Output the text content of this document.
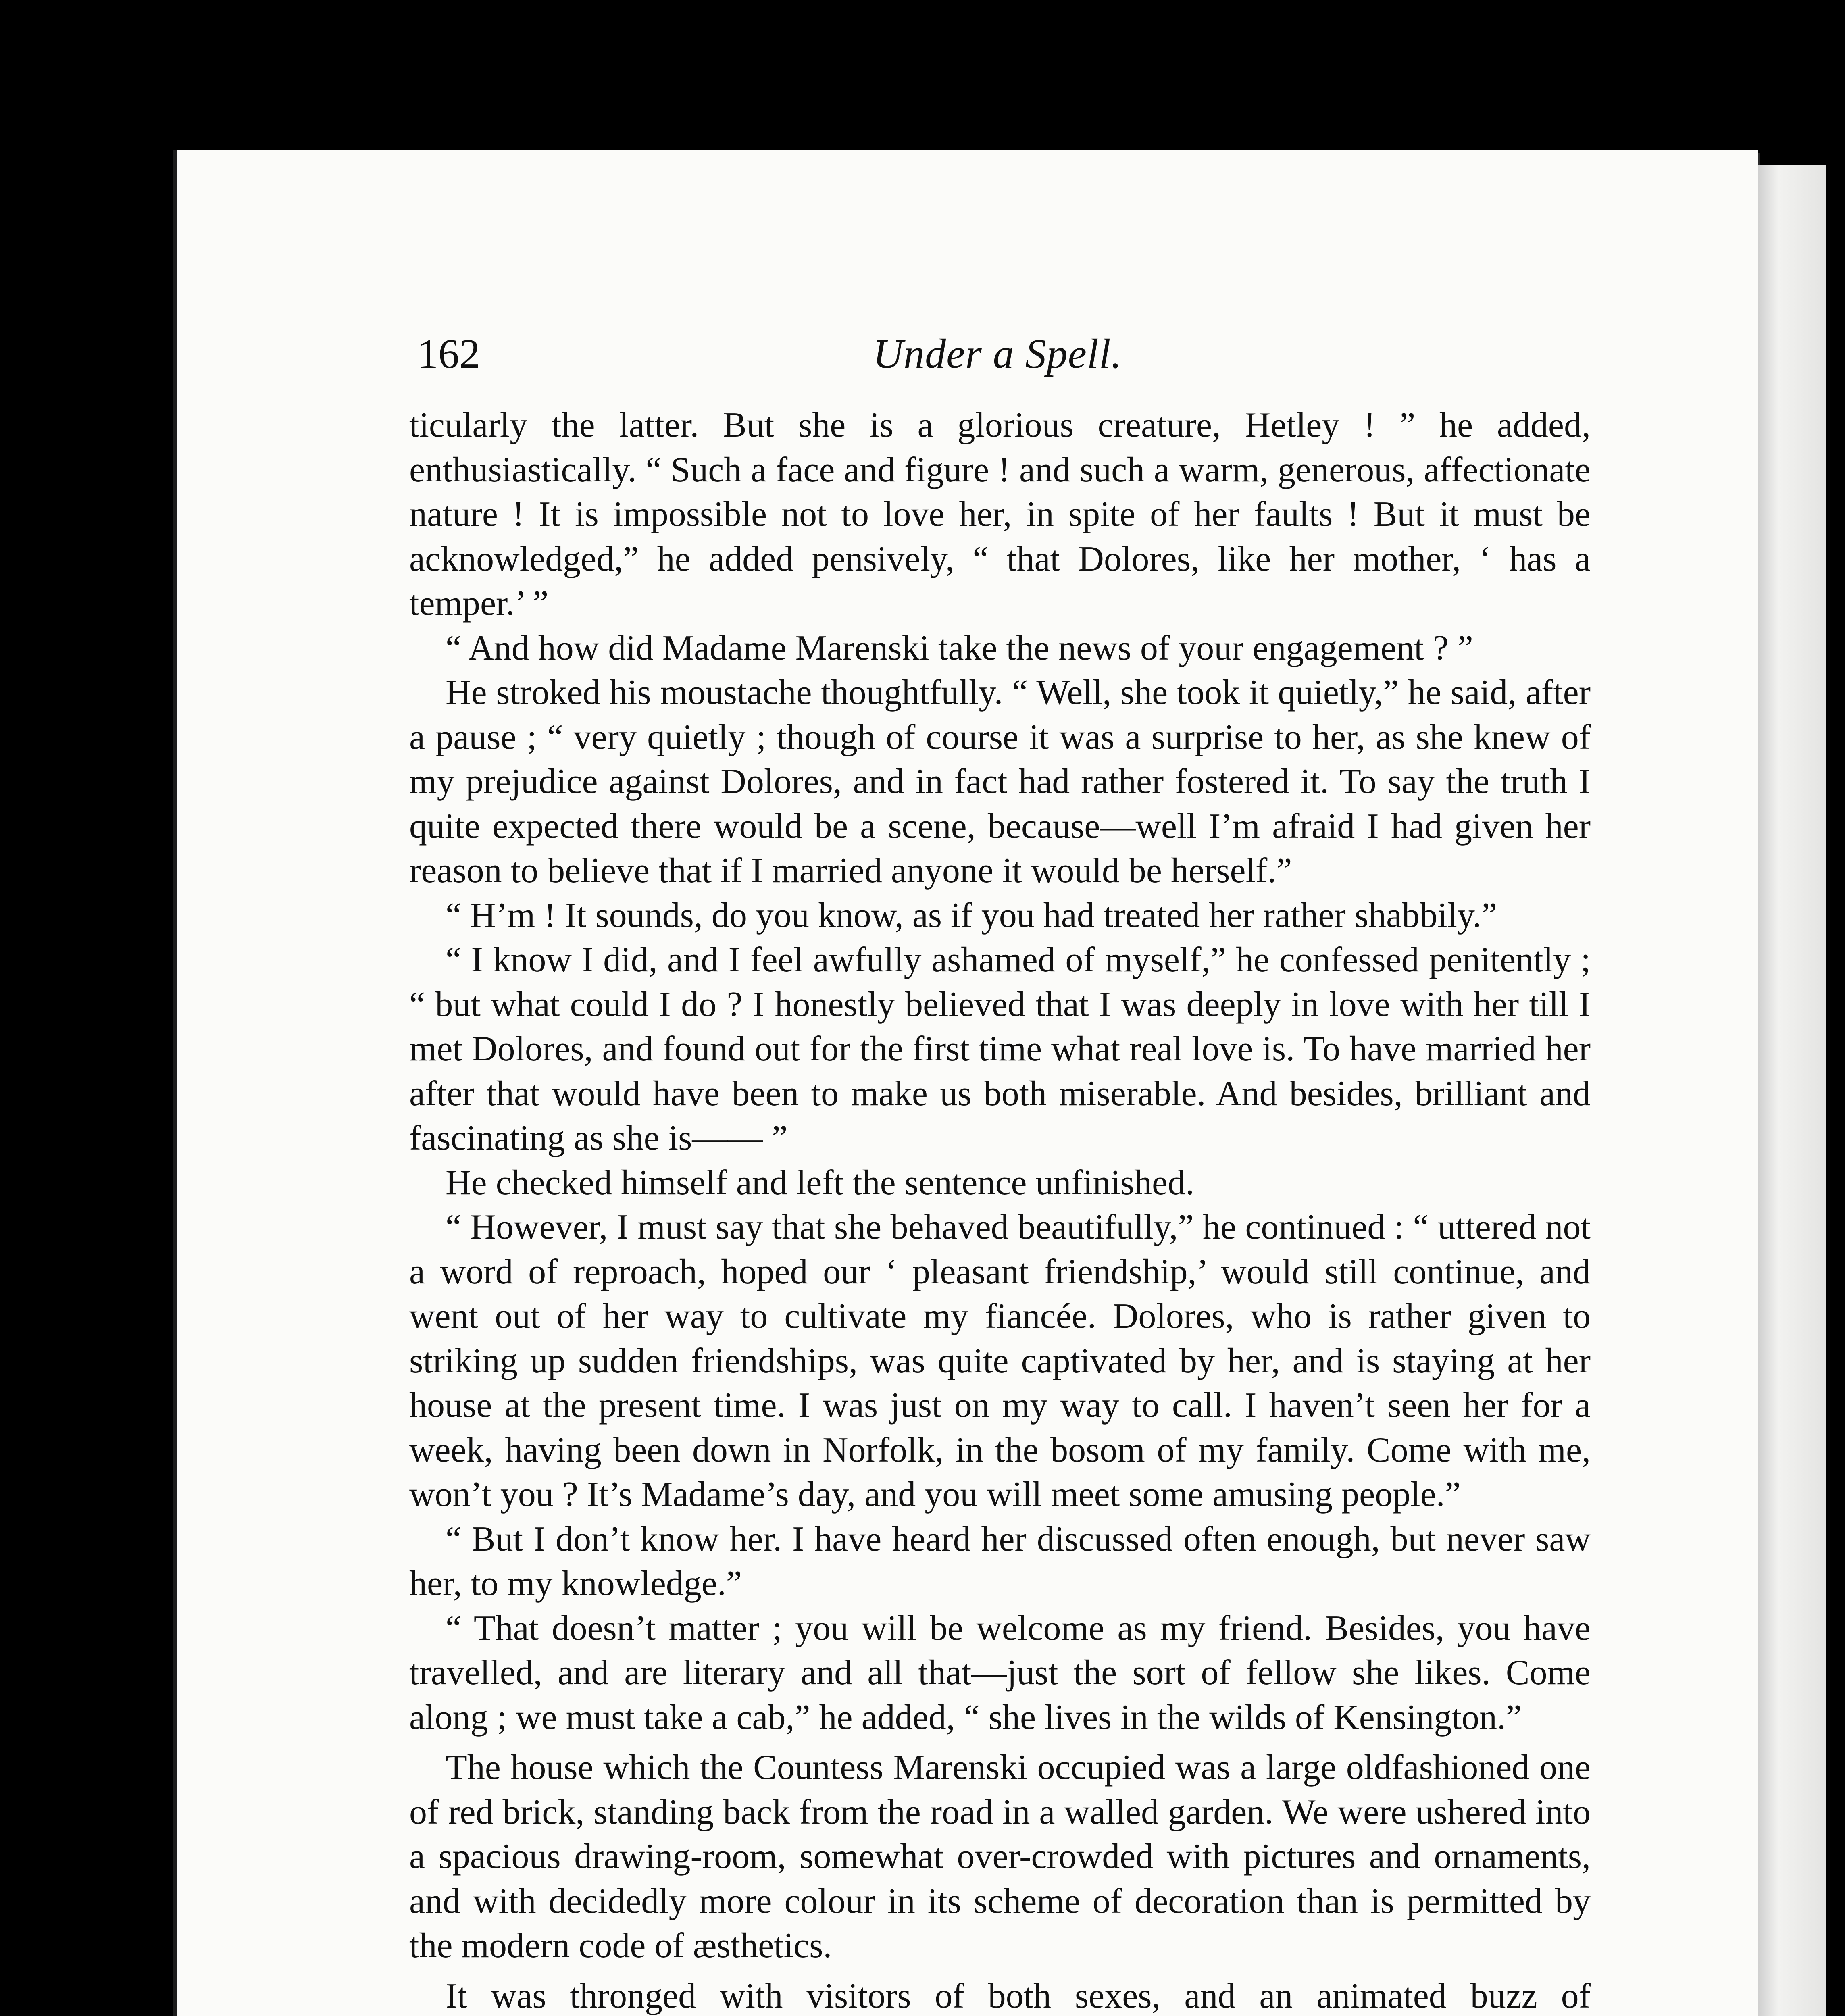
162	Under a Spell.

ticularly the latter. But she is a glorious creature, Hetley ! ” he added, enthusiastically. “ Such a face and figure ! and such a warm, generous, affectionate nature ! It is impossible not to love her, in spite of her faults ! But it must be acknowledged,” he added pensively, “ that Dolores, like her mother, ‘ has a temper.’ ”

“ And how did Madame Marenski take the news of your engagement ? ”

He stroked his moustache thoughtfully. “ Well, she took it quietly,” he said, after a pause ; “ very quietly ; though of course it was a surprise to her, as she knew of my prejudice against Dolores, and in fact had rather fostered it. To say the truth I quite expected there would be a scene, because—well I’m afraid I had given her reason to believe that if I married anyone it would be herself.”

“ H’m ! It sounds, do you know, as if you had treated her rather shabbily.”

“ I know I did, and I feel awfully ashamed of myself,” he confessed penitently ; “ but what could I do ? I honestly believed that I was deeply in love with her till I met Dolores, and found out for the first time what real love is. To have married her after that would have been to make us both miserable. And besides, brilliant and fascinating as she is—— ”

He checked himself and left the sentence unfinished.

“ However, I must say that she behaved beautifully,” he continued : “ uttered not a word of reproach, hoped our ‘ pleasant friendship,’ would still continue, and went out of her way to cultivate my fiancée. Dolores, who is rather given to striking up sudden friendships, was quite captivated by her, and is staying at her house at the present time. I was just on my way to call. I haven’t seen her for a week, having been down in Norfolk, in the bosom of my family. Come with me, won’t you ? It’s Madame’s day, and you will meet some amusing people.”

“ But I don’t know her. I have heard her discussed often enough, but never saw her, to my knowledge.”

“ That doesn’t matter ; you will be welcome as my friend. Besides, you have travelled, and are literary and all that—just the sort of fellow she likes. Come along ; we must take a cab,” he added, “ she lives in the wilds of Kensington.”

The house which the Countess Marenski occupied was a large oldfashioned one of red brick, standing back from the road in a walled garden. We were ushered into a spacious drawing-room, somewhat over-crowded with pictures and ornaments, and with decidedly more colour in its scheme of decoration than is permitted by the modern code of æsthetics.

It was thronged with visitors of both sexes, and an animated buzz of
